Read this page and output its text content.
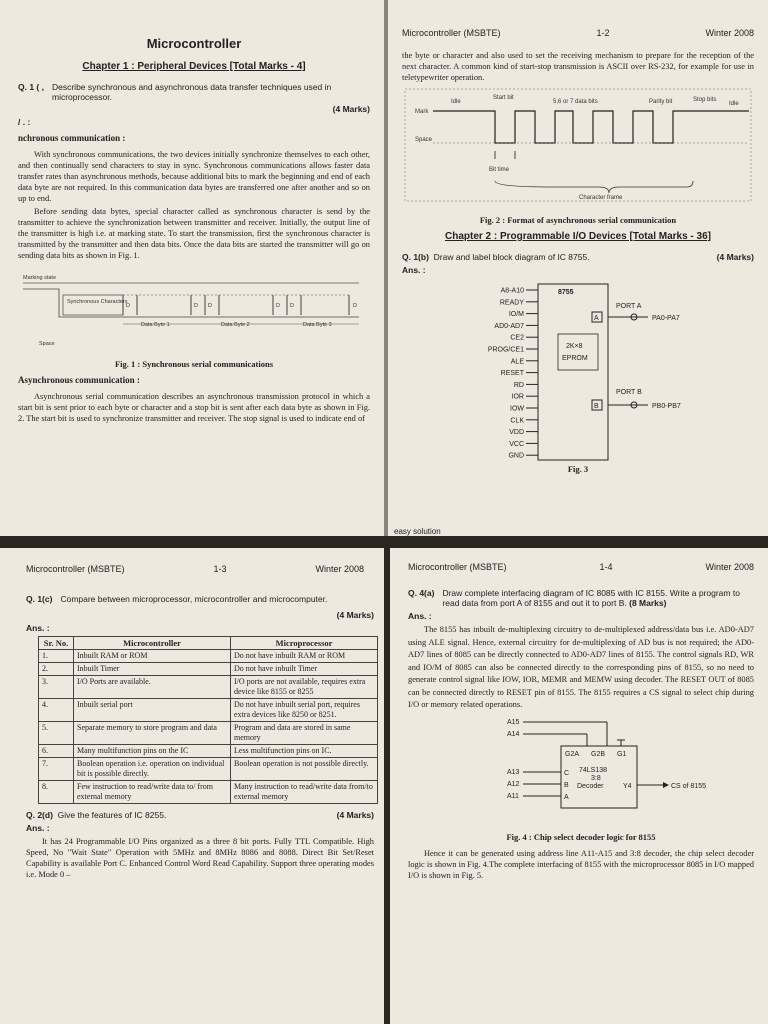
Microcontroller
Chapter 1 : Peripheral Devices [Total Marks - 4]
Q. 1 ( , Describe synchronous and asynchronous data transfer techniques used in microprocessor.
(4 Marks)
/ . :
nchronous communication :

With synchronous communications, the two devices initially synchronize themselves to each other, and then continually send characters to stay in sync. Synchronous communications allows faster data transfer rates than asynchronous methods, because additional bits to mark the beginning and end of each data byte are not required. In this communication data bytes are transferred one after another and so on up to end.

Before sending data bytes, special character called as synchronous character is send by the transmitter to achieve the synchronization between transmitter and receiver. Initially, the output line of the transmitter is high i.e. at marking state. To start the transmission, first the synchronous character is transmitted by the transmitter and then data bits. Once the data bits are started the transmitter will go on sending data bits as shown in Fig. 1.

Marking state
Synchronous Characters
D	D D	D D	D
Data Byte 1	Data Byte 2	Data Byte 3
Space
Fig. 1 : Synchronous serial communications
Asynchronous communication :

Asynchronous serial communication describes an asynchronous transmission protocol in which a start bit is sent prior to each byte or character and a stop bit is sent after each data byte as shown in Fig. 2. The start bit is used to synchronize transmitter and receiver. The stop signal is used to indicate end of

Microcontroller (MSBTE)	1-2	Winter 2008

the byte or character and also used to set the receiving mechanism to prepare for the reception of the next character. A common kind of start-stop transmission is ASCII over RS-232, for example for use in teletypewriter operation.

Idle
Start bit
5,6 or 7 data bits	Parity bit	Stop bits
Idle
Mark
Space
Bit time
Character frame
Fig. 2 : Format of asynchronous serial communication
Chapter 2 : Programmable I/O Devices [Total Marks - 36]
Q. 1(b) Draw and label block diagram of IC 8755.	(4 Marks)
Ans. :
A8-A10
READY
IO/M
AD0-AD7
CE2
PROG/CE1
ALE
RESET
RD
IOR
IOW
CLK
VDD
VCC
GND
8755
2K×8
EPROM
A
PORT A
PA0-PA7
B
PORT B
PB0-PB7
Fig. 3
easy solution
Microcontroller (MSBTE)	1-3	Winter 2008
Q. 1(c) Compare between microprocessor, microcontroller and microcomputer.
(4 Marks)
Ans. :
Sr. No.	Microcontroller	Microprocessor
1.	Inbuilt RAM or ROM	Do not have inbuilt RAM or ROM
2.	Inbuilt Timer	Do not have inbuilt Timer
3.	I/O Ports are available.	I/O ports are not available, requires extra device like 8155 or 8255
4.	Inbuilt serial port	Do not have inbuilt serial port, requires extra devices like 8250 or 8251.
5.	Separate memory to store program and data	Program and data are stored in same memory
6.	Many multifunction pins on the IC	Less multifunction pins on IC.
7.	Boolean operation i.e. operation on individual bit is possible directly.	Boolean operation is not possible directly.
8.	Few instruction to read/write data to/ from external memory	Many instruction to read/write data from/to external memory
Q. 2(d) Give the features of IC 8255.	(4 Marks)
Ans. :

It has 24 Programmable I/O Pins organized as a three 8 bit ports. Fully TTL Compatible. High Speed, No "Wait State" Operation with 5MHz and 8MHz 8086 and 8088. Direct Bit Set/Reset Capability is available Port C. Enhanced Control Word Read Capability. Support three operating modes i.e. Mode 0 –

Microcontroller (MSBTE)	1-4	Winter 2008
Q. 4(a) Draw complete interfacing diagram of IC 8085 with IC 8155. Write a program to read data from port A of 8155 and out it to port B. (8 Marks)
Ans. :

The 8155 has inbuilt de-multiplexing circuitry to de-multiplexed address/data bus i.e. AD0-AD7 using ALE signal. Hence, external circuitry for de-multiplexing of AD bus is not required; the AD0-AD7 lines of 8085 can be directly connected to AD0-AD7 lines of 8155. The control signals RD, WR and IO/M of 8085 can also be connected directly to the corresponding pins of 8155, so no need to generate control signal like IOW, IOR, MEMR and MEMW using decoder. The RESET OUT of 8085 can be connected directly to RESET pin of 8155. The 8155 requires a CS signal to select chip during I/O or memory related operations.

A15
A14
G2A G2B G1
A13
A12
A11
C
B
A
74LS138
3:8
Decoder	Y4	CS of 8155
Fig. 4 : Chip select decoder logic for 8155

Hence it can be generated using address line A11-A15 and 3:8 decoder, the chip select decoder logic is shown in Fig. 4.The complete interfacing of 8155 with the microprocessor 8085 in I/O mapped I/O is shown in Fig. 5.
